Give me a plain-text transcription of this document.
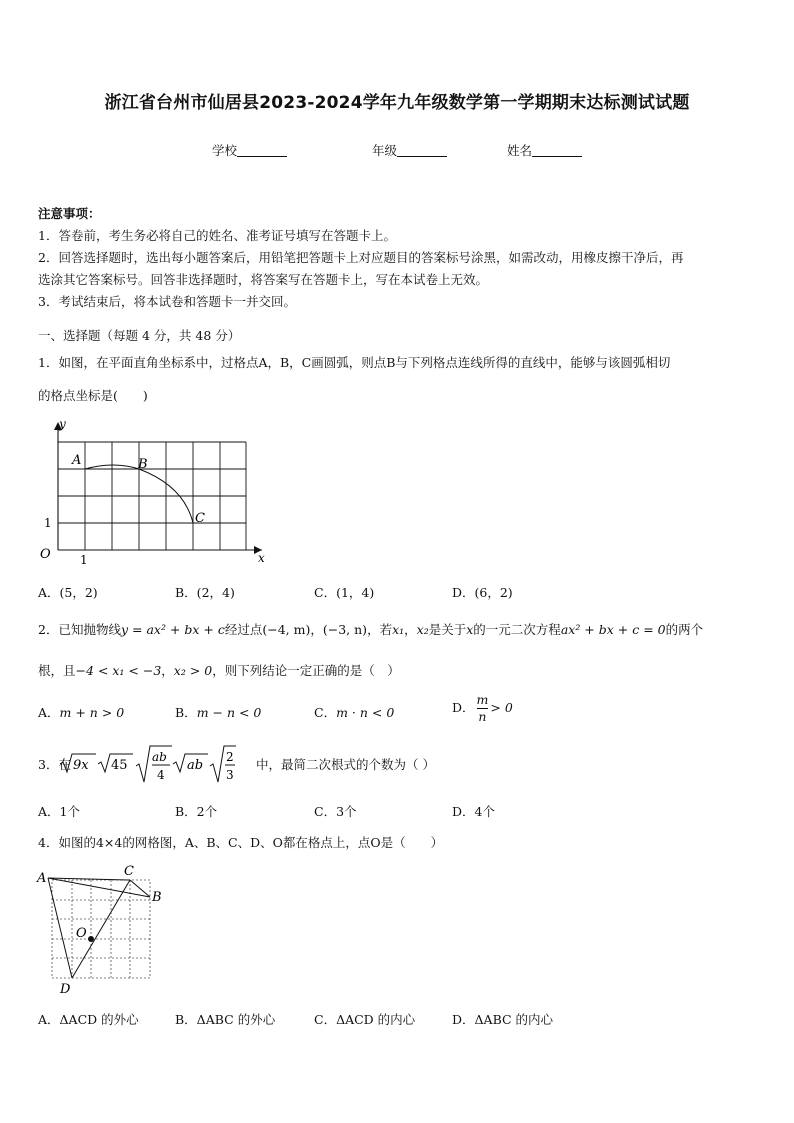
浙江省台州市仙居县2023-2024学年九年级数学第一学期期末达标测试试题
学校	年级	姓名
注意事项：
1．答卷前，考生务必将自己的姓名、准考证号填写在答题卡上。
2．回答选择题时，选出每小题答案后，用铅笔把答题卡上对应题目的答案标号涂黑，如需改动，用橡皮擦干净后，再
选涂其它答案标号。回答非选择题时，将答案写在答题卡上，写在本试卷上无效。
3．考试结束后，将本试卷和答题卡一并交回。
一、选择题（每题 4 分，共 48 分）
1．如图，在平面直角坐标系中，过格点A，B，C画圆弧，则点B与下列格点连线所得的直线中，能够与该圆弧相切
的格点坐标是(　　)
y
x
O 1
1
A	B
C
A．(5，2)	B．(2，4)	C．(1，4)	D．(6，2)
2．已知抛物线y = ax² + bx + c经过点(−4, m)，(−3, n)，若x₁，x₂是关于x的一元二次方程ax² + bx + c = 0的两个
根，且−4 < x₁ < −3，x₂ > 0，则下列结论一定正确的是（　）
A．m + n > 0	B．m − n < 0	C．m · n < 0	D． $\frac{m}{n} > 0$
3．在 9x 45
ab
4
ab
2
3
中，最简二次根式的个数为（ ）
A．1个	B．2个	C．3个	D．4个
4．如图的4×4的网格图，A、B、C、D、O都在格点上，点O是（　　）
A
B
C
D
O
A．ΔACD 的外心	B．ΔABC 的外心	C．ΔACD 的内心	D．ΔABC 的内心
